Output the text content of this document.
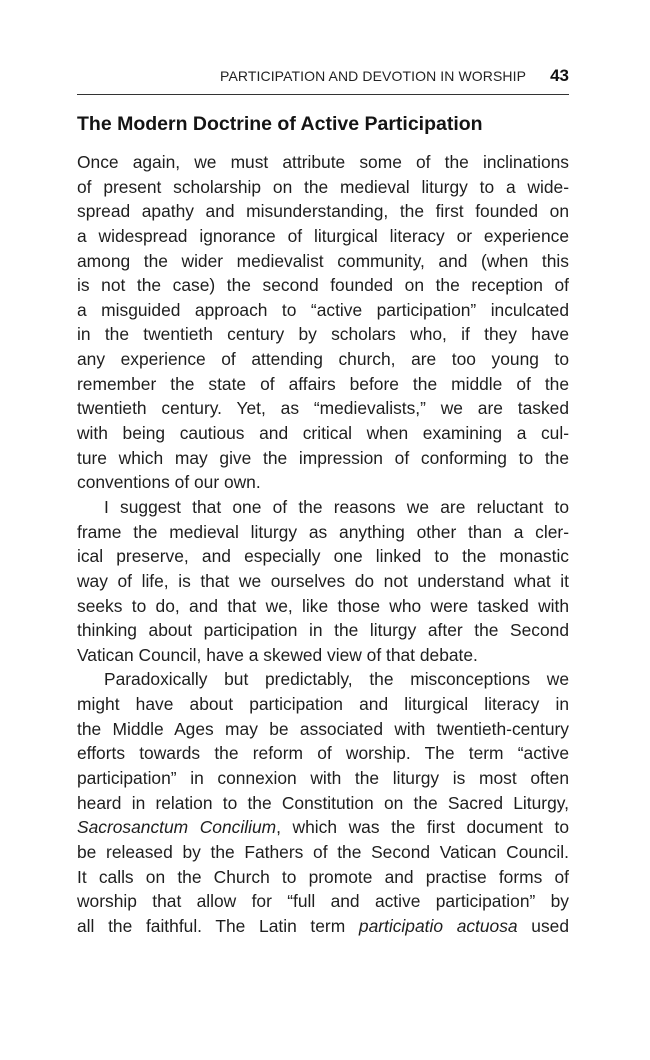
PARTICIPATION AND DEVOTION IN WORSHIP 43
The Modern Doctrine of Active Participation

Once again, we must attribute some of the inclinations
of present scholarship on the medieval liturgy to a wide-
spread apathy and misunderstanding, the first founded on
a widespread ignorance of liturgical literacy or experience
among the wider medievalist community, and (when this
is not the case) the second founded on the reception of
a misguided approach to “active participation” inculcated
in the twentieth century by scholars who, if they have
any experience of attending church, are too young to
remember the state of affairs before the middle of the
twentieth century. Yet, as “medievalists,” we are tasked
with being cautious and critical when examining a cul-
ture which may give the impression of conforming to the
conventions of our own.

I suggest that one of the reasons we are reluctant to
frame the medieval liturgy as anything other than a cler-
ical preserve, and especially one linked to the monastic
way of life, is that we ourselves do not understand what it
seeks to do, and that we, like those who were tasked with
thinking about participation in the liturgy after the Second
Vatican Council, have a skewed view of that debate.

Paradoxically but predictably, the misconceptions we
might have about participation and liturgical literacy in
the Middle Ages may be associated with twentieth-century
efforts towards the reform of worship. The term “active
participation” in connexion with the liturgy is most often
heard in relation to the Constitution on the Sacred Liturgy,
Sacrosanctum Concilium, which was the first document to
be released by the Fathers of the Second Vatican Council.
It calls on the Church to promote and practise forms of
worship that allow for “full and active participation” by
all the faithful. The Latin term participatio actuosa used
